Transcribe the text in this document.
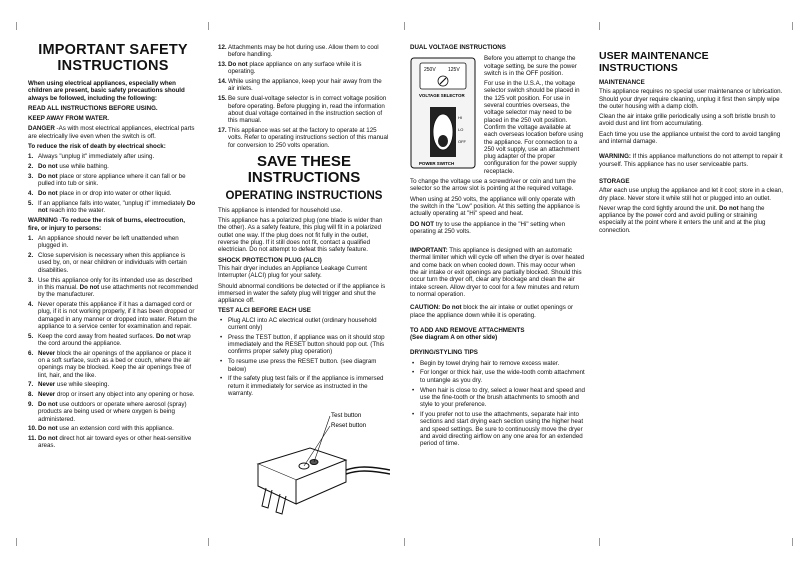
IMPORTANT SAFETY INSTRUCTIONS

When using electrical appliances, especially when children are present, basic safety precautions should always be followed, including the following:

READ ALL INSTRUCTIONS BEFORE USING.

KEEP AWAY FROM WATER.

DANGER -As with most electrical appliances, electrical parts are electrically live even when the switch is off.

To reduce the risk of death by electrical shock:

1. Always "unplug it" immediately after using.
2. Do not use while bathing.
3. Do not place or store appliance where it can fall or be pulled into tub or sink.
4. Do not place in or drop into water or other liquid.
5. If an appliance falls into water, "unplug it" immediately Do not reach into the water.

WARNING -To reduce the risk of burns, electrocution, fire, or injury to persons:

1. An appliance should never be left unattended when plugged in.
2. Close supervision is necessary when this appliance is used by, on, or near children or individuals with certain disabilities.
3. Use this appliance only for its intended use as described in this manual. Do not use attachments not recommended by the manufacturer.
4. Never operate this appliance if it has a damaged cord or plug, if it is not working properly, if it has been dropped or damaged in any manner or dropped into water. Return the appliance to a service center for examination and repair.
5. Keep the cord away from heated surfaces. Do not wrap the cord around the appliance.
6. Never block the air openings of the appliance or place it on a soft surface, such as a bed or couch, where the air openings may be blocked. Keep the air openings free of lint, hair, and the like.
7. Never use while sleeping.
8. Never drop or insert any object into any opening or hose.
9. Do not use outdoors or operate where aerosol (spray) products are being used or where oxygen is being administered.
10. Do not use an extension cord with this appliance.
11. Do not direct hot air toward eyes or other heat-sensitive areas.
12. Attachments may be hot during use. Allow them to cool before handling.
13. Do not place appliance on any surface while it is operating.
14. While using the appliance, keep your hair away from the air inlets.
15. Be sure dual-voltage selector is in correct voltage position before operating. Before plugging in, read the information about dual voltage contained in the instruction section of this manual.
17. This appliance was set at the factory to operate at 125 volts. Refer to operating instructions section of this manual for conversion to 250 volts operation.
SAVE THESE INSTRUCTIONS
OPERATING INSTRUCTIONS

This appliance is intended for household use.

This appliance has a polarized plug (one blade is wider than the other). As a safety feature, this plug will fit in a polarized outlet one way. If the plug does not fit fully in the outlet, reverse the plug. If it still does not fit, contact a qualified electrician. Do not attempt to defeat this safety feature.

SHOCK PROTECTION PLUG (ALCI)

This hair dryer includes an Appliance Leakage Current Interrupter (ALCI) plug for your safety.

Should abnormal conditions be detected or if the appliance is immersed in water the safety plug will trigger and shut the appliance off.

TEST ALCI BEFORE EACH USE

• Plug ALCI into AC electrical outlet (ordinary household current only)
• Press the TEST button, if appliance was on it should stop immediately and the RESET button should pop out. (This confirms proper safety plug operation)
• To resume use press the RESET button. (see diagram below)
• If the safety plug test fails or if the appliance is immersed return it immediately for service as instructed in the warranty.
Test button
Reset button

DUAL VOLTAGE INSTRUCTIONS

250V 125V
VOLTAGE SELECTOR
HI
LO
OFF
POWER SWITCH

Before you attempt to change the voltage setting, be sure the power switch is in the OFF position.

For use in the U.S.A., the voltage selector switch should be placed in the 125 volt position. For use in several countries overseas, the voltage selector may need to be placed in the 250 volt position. Confirm the voltage available at each overseas location before using the appliance. For connection to a 250 volt supply, use an attachment plug adapter of the proper configuration for the power supply receptacle.

To change the voltage use a screwdriver or coin and turn the selector so the arrow slot is pointing at the required voltage.

When using at 250 volts, the appliance will only operate with the switch in the "Low" position. At this setting the appliance is actually operating at "Hi" speed and heat.

DO NOT try to use the appliance in the "Hi" setting when operating at 250 volts.

IMPORTANT: This appliance is designed with an automatic thermal limiter which will cycle off when the dryer is over heated and come back on when cooled down. This may occur when the air intake or exit openings are partially blocked. Should this occur turn the dryer off, clear any blockage and clean the air intake screen. Allow dryer to cool for a few minutes and return to normal operation.

CAUTION: Do not block the air intake or outlet openings or place the appliance down while it is operating.

TO ADD AND REMOVE ATTACHMENTS
(See diagram A on other side)

DRYING/STYLING TIPS

• Begin by towel drying hair to remove excess water.
• For longer or thick hair, use the wide-tooth comb attachment to untangle as you dry.
• When hair is close to dry, select a lower heat and speed and use the fine-tooth or the brush attachments to smooth and style to your preference.
• If you prefer not to use the attachments, separate hair into sections and start drying each section using the higher heat and speed settings. Be sure to continuously move the dryer and avoid directing airflow on any one area for an extended period of time.
USER MAINTENANCE INSTRUCTIONS

MAINTENANCE

This appliance requires no special user maintenance or lubrication. Should your dryer require cleaning, unplug it first then simply wipe the outer housing with a damp cloth.

Clean the air intake grille periodically using a soft bristle brush to avoid dust and lint from accumulating.

Each time you use the appliance untwist the cord to avoid tangling and internal damage.

WARNING: If this appliance malfunctions do not attempt to repair it yourself. This appliance has no user serviceable parts.

STORAGE

After each use unplug the appliance and let it cool; store in a clean, dry place. Never store it while still hot or plugged into an outlet.

Never wrap the cord tightly around the unit. Do not hang the appliance by the power cord and avoid pulling or straining especially at the point where it enters the unit and at the plug connection.
